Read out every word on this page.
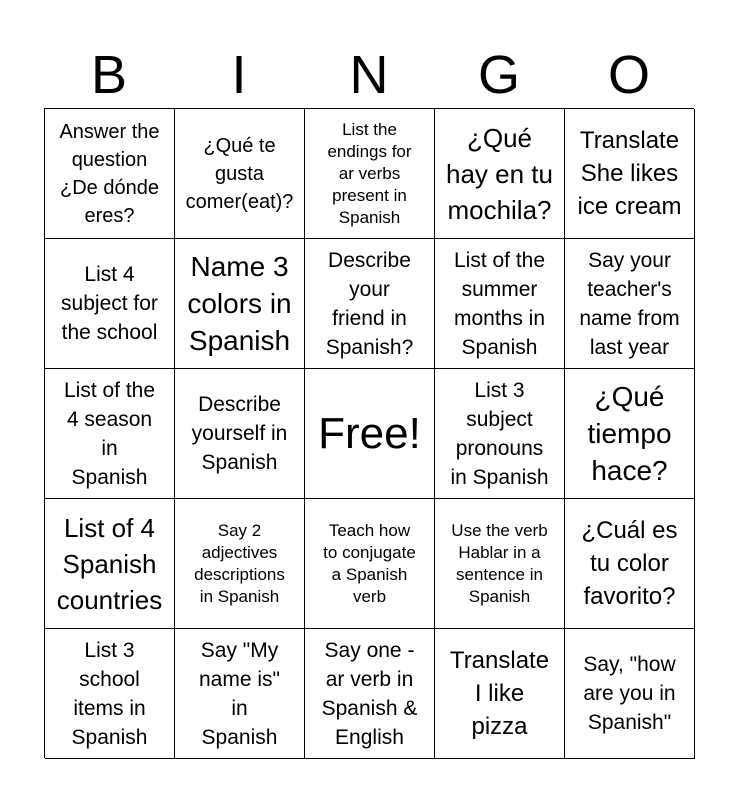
B	I	N	G	O
Answer the
question
¿De dónde
eres?
¿Qué te
gusta
comer(eat)?
List the
endings for
ar verbs
present in
Spanish
¿Qué
hay en tu
mochila?
Translate
She likes
ice cream
List 4
subject for
the school
Name 3
colors in
Spanish
Describe
your
friend in
Spanish?
List of the
summer
months in
Spanish
Say your
teacher's
name from
last year
List of the
4 season
in
Spanish
Describe
yourself in
Spanish
Free!
List 3
subject
pronouns
in Spanish
¿Qué
tiempo
hace?
List of 4
Spanish
countries
Say 2
adjectives
descriptions
in Spanish
Teach how
to conjugate
a Spanish
verb
Use the verb
Hablar in a
sentence in
Spanish
¿Cuál es
tu color
favorito?
List 3
school
items in
Spanish
Say "My
name is"
in
Spanish
Say one -
ar verb in
Spanish &
English
Translate
I like
pizza
Say, "how
are you in
Spanish"
